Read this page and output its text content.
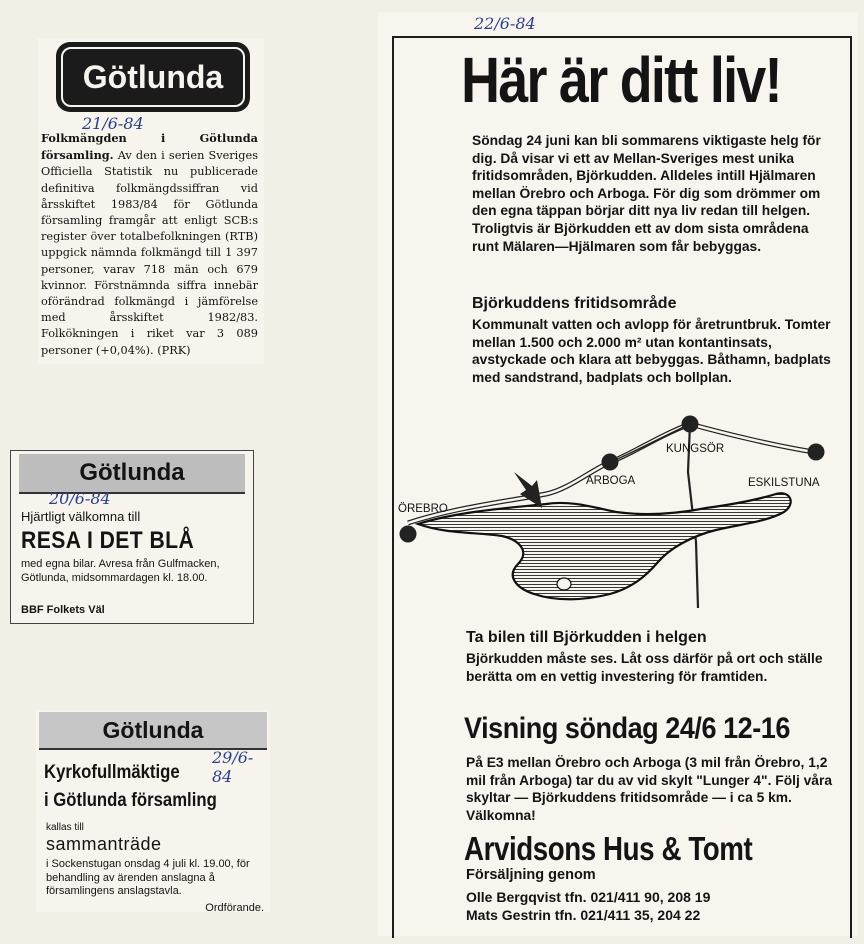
Götlunda
21/6-84
Folkmängden i Götlunda församling. Av den i serien Sveriges Officiella Statistik nu publicerade definitiva folkmängdssiffran vid årsskiftet 1983/84 för Götlunda församling framgår att enligt SCB:s register över totalbefolkningen (RTB) uppgick nämnda folkmängd till 1 397 personer, varav 718 män och 679 kvinnor. Förstnämnda siffra innebär oförändrad folkmängd i jämförelse med årsskiftet 1982/83. Folkökningen i riket var 3 089 personer (+0,04%). (PRK)
Götlunda
20/6-84
Hjärtligt välkomna till
RESA I DET BLÅ
med egna bilar. Avresa från Gulfmacken, Götlunda, midsommardagen kl. 18.00.
BBF Folkets Väl
Götlunda
29/6-84
Kyrkofullmäktige
i Götlunda församling
kallas till
sammanträde
i Sockenstugan onsdag 4 juli kl. 19.00, för behandling av ärenden anslagna å församlingens anslagstavla.
Ordförande.
22/6-84
Här är ditt liv!
Söndag 24 juni kan bli sommarens viktigaste helg för dig. Då visar vi ett av Mellan-Sveriges mest unika fritidsområden, Björkudden. Alldeles intill Hjälmaren mellan Örebro och Arboga. För dig som drömmer om den egna täppan börjar ditt nya liv redan till helgen. Troligtvis är Björkudden ett av dom sista områdena runt Mälaren—Hjälmaren som får bebyggas.
Björkuddens fritidsområde
Kommunalt vatten och avlopp för åretruntbruk. Tomter mellan 1.500 och 2.000 m² utan kontantinsats, avstyckade och klara att bebyggas. Båthamn, badplats med sandstrand, badplats och bollplan.
ÖREBRO
ARBOGA
KUNGSÖR
ESKILSTUNA
Ta bilen till Björkudden i helgen
Björkudden måste ses. Låt oss därför på ort och ställe berätta om en vettig investering för framtiden.
Visning söndag 24/6 12-16
På E3 mellan Örebro och Arboga (3 mil från Örebro, 1,2 mil från Arboga) tar du av vid skylt "Lunger 4". Följ våra skyltar — Björkuddens fritidsområde — i ca 5 km. Välkomna!
Arvidsons Hus & Tomt
Försäljning genom
Olle Bergqvist tfn. 021/411 90, 208 19
Mats Gestrin tfn. 021/411 35, 204 22
